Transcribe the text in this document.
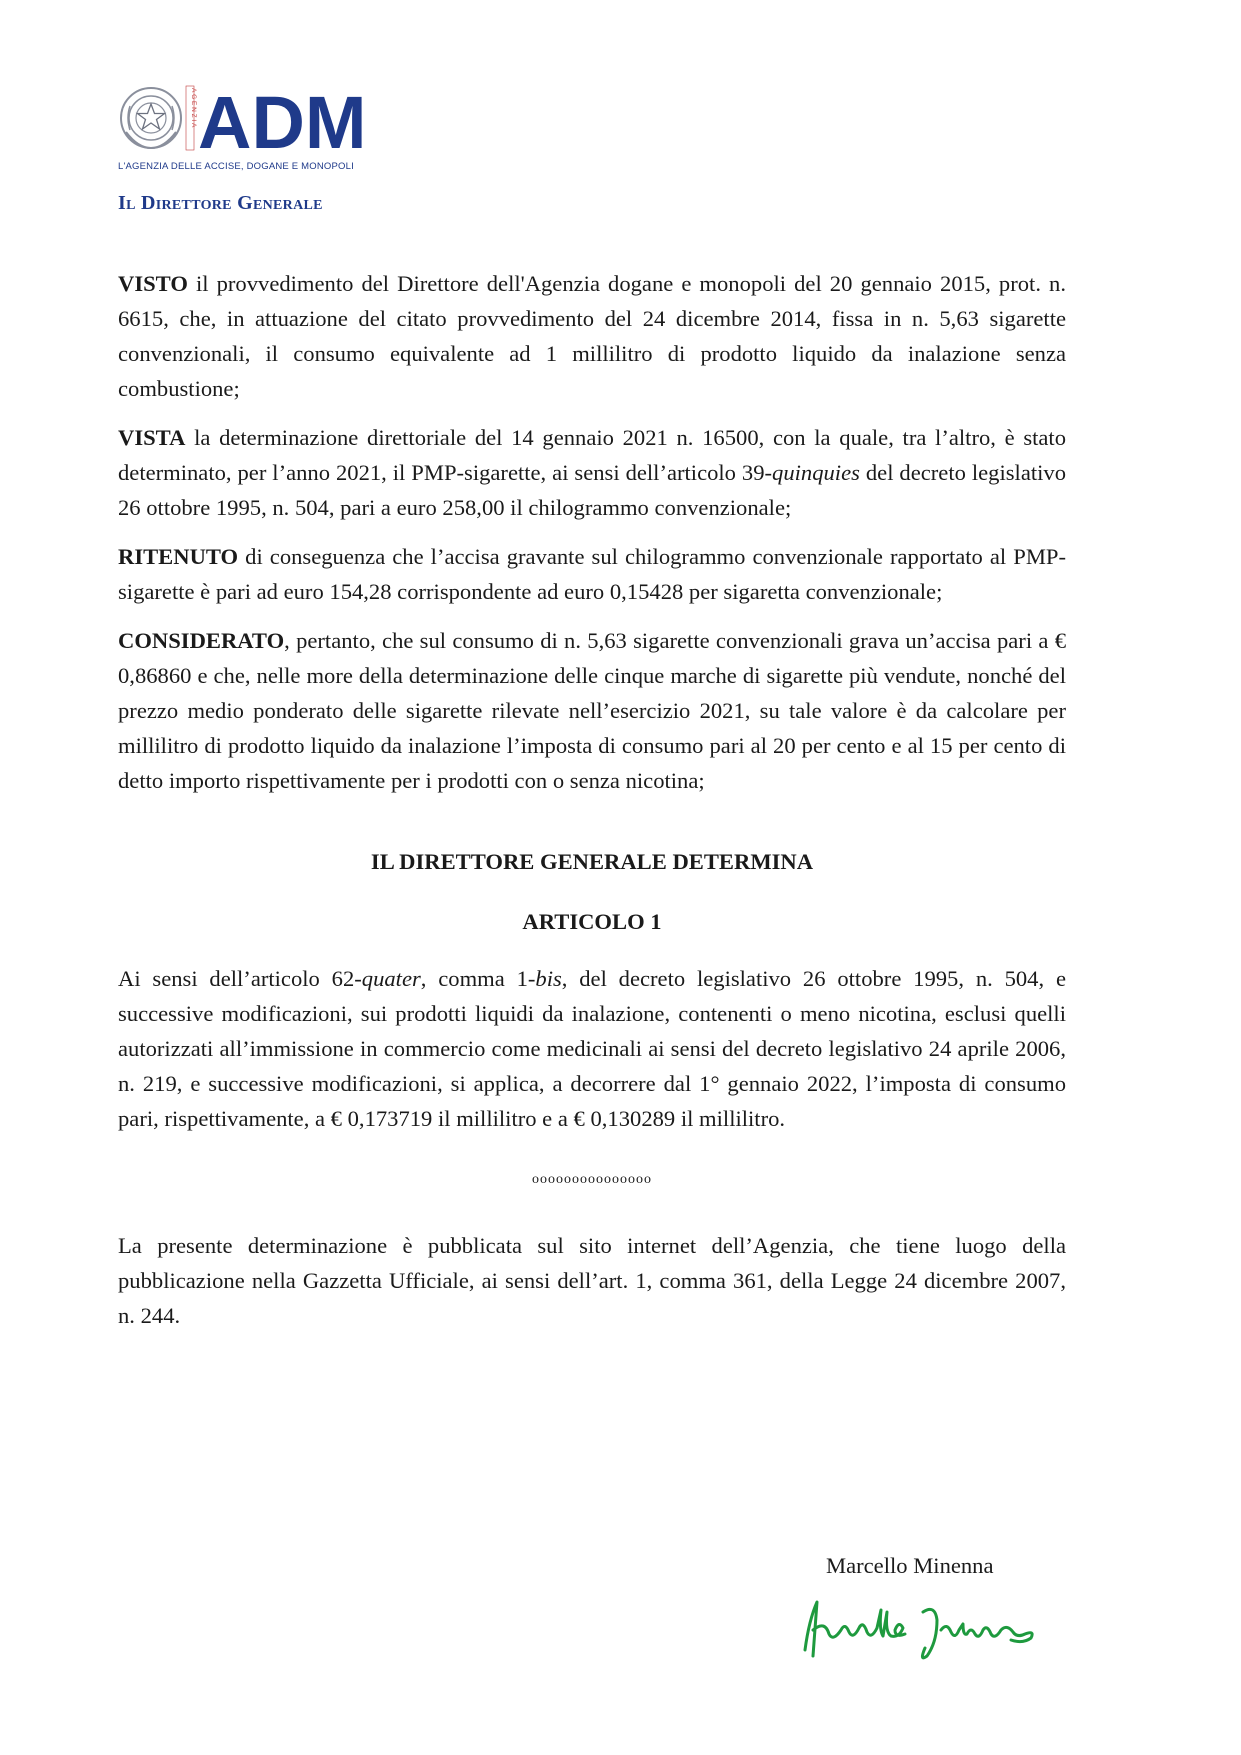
AGENZIA ADM
L'AGENZIA DELLE ACCISE, DOGANE E MONOPOLI
Il Direttore Generale

VISTO il provvedimento del Direttore dell'Agenzia dogane e monopoli del 20 gennaio 2015, prot. n. 6615, che, in attuazione del citato provvedimento del 24 dicembre 2014, fissa in n. 5,63 sigarette convenzionali, il consumo equivalente ad 1 millilitro di prodotto liquido da inalazione senza combustione;

VISTA la determinazione direttoriale del 14 gennaio 2021 n. 16500, con la quale, tra l’altro, è stato determinato, per l’anno 2021, il PMP-sigarette, ai sensi dell’articolo 39-quinquies del decreto legislativo 26 ottobre 1995, n. 504, pari a euro 258,00 il chilogrammo convenzionale;

RITENUTO di conseguenza che l’accisa gravante sul chilogrammo convenzionale rapportato al PMP-sigarette è pari ad euro 154,28 corrispondente ad euro 0,15428 per sigaretta convenzionale;

CONSIDERATO, pertanto, che sul consumo di n. 5,63 sigarette convenzionali grava un’accisa pari a € 0,86860 e che, nelle more della determinazione delle cinque marche di sigarette più vendute, nonché del prezzo medio ponderato delle sigarette rilevate nell’esercizio 2021, su tale valore è da calcolare per millilitro di prodotto liquido da inalazione l’imposta di consumo pari al 20 per cento e al 15 per cento di detto importo rispettivamente per i prodotti con o senza nicotina;

IL DIRETTORE GENERALE DETERMINA

ARTICOLO 1

Ai sensi dell’articolo 62-quater, comma 1-bis, del decreto legislativo 26 ottobre 1995, n. 504, e successive modificazioni, sui prodotti liquidi da inalazione, contenenti o meno nicotina, esclusi quelli autorizzati all’immissione in commercio come medicinali ai sensi del decreto legislativo 24 aprile 2006, n. 219, e successive modificazioni, si applica, a decorrere dal 1° gennaio 2022, l’imposta di consumo pari, rispettivamente, a € 0,173719 il millilitro e a € 0,130289 il millilitro.

ooooooooooooooo

La presente determinazione è pubblicata sul sito internet dell’Agenzia, che tiene luogo della pubblicazione nella Gazzetta Ufficiale, ai sensi dell’art. 1, comma 361, della Legge 24 dicembre 2007, n. 244.

Marcello Minenna
